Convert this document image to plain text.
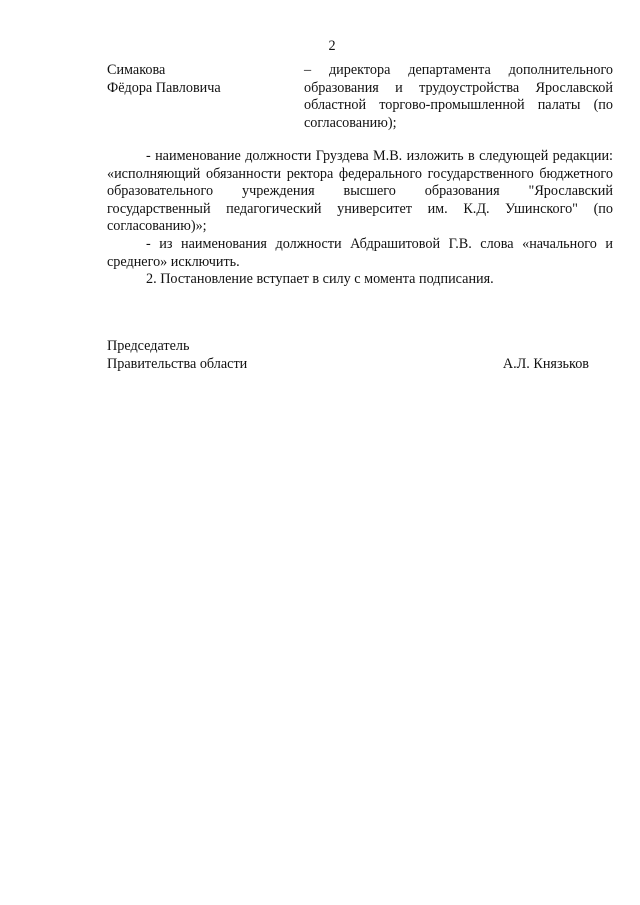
2
Симакова
Фёдора Павловича
– директора департамента дополнительного образования и трудоустройства Ярославской областной торгово-промышленной палаты (по согласованию);

- наименование должности Груздева М.В. изложить в следующей редакции: «исполняющий обязанности ректора федерального государственного бюджетного образовательного учреждения высшего образования "Ярославский государственный педагогический университет им. К.Д. Ушинского" (по согласованию)»;

- из наименования должности Абдрашитовой Г.В. слова «начального и среднего» исключить.

2. Постановление вступает в силу с момента подписания.

Председатель
Правительства области	А.Л. Князьков
